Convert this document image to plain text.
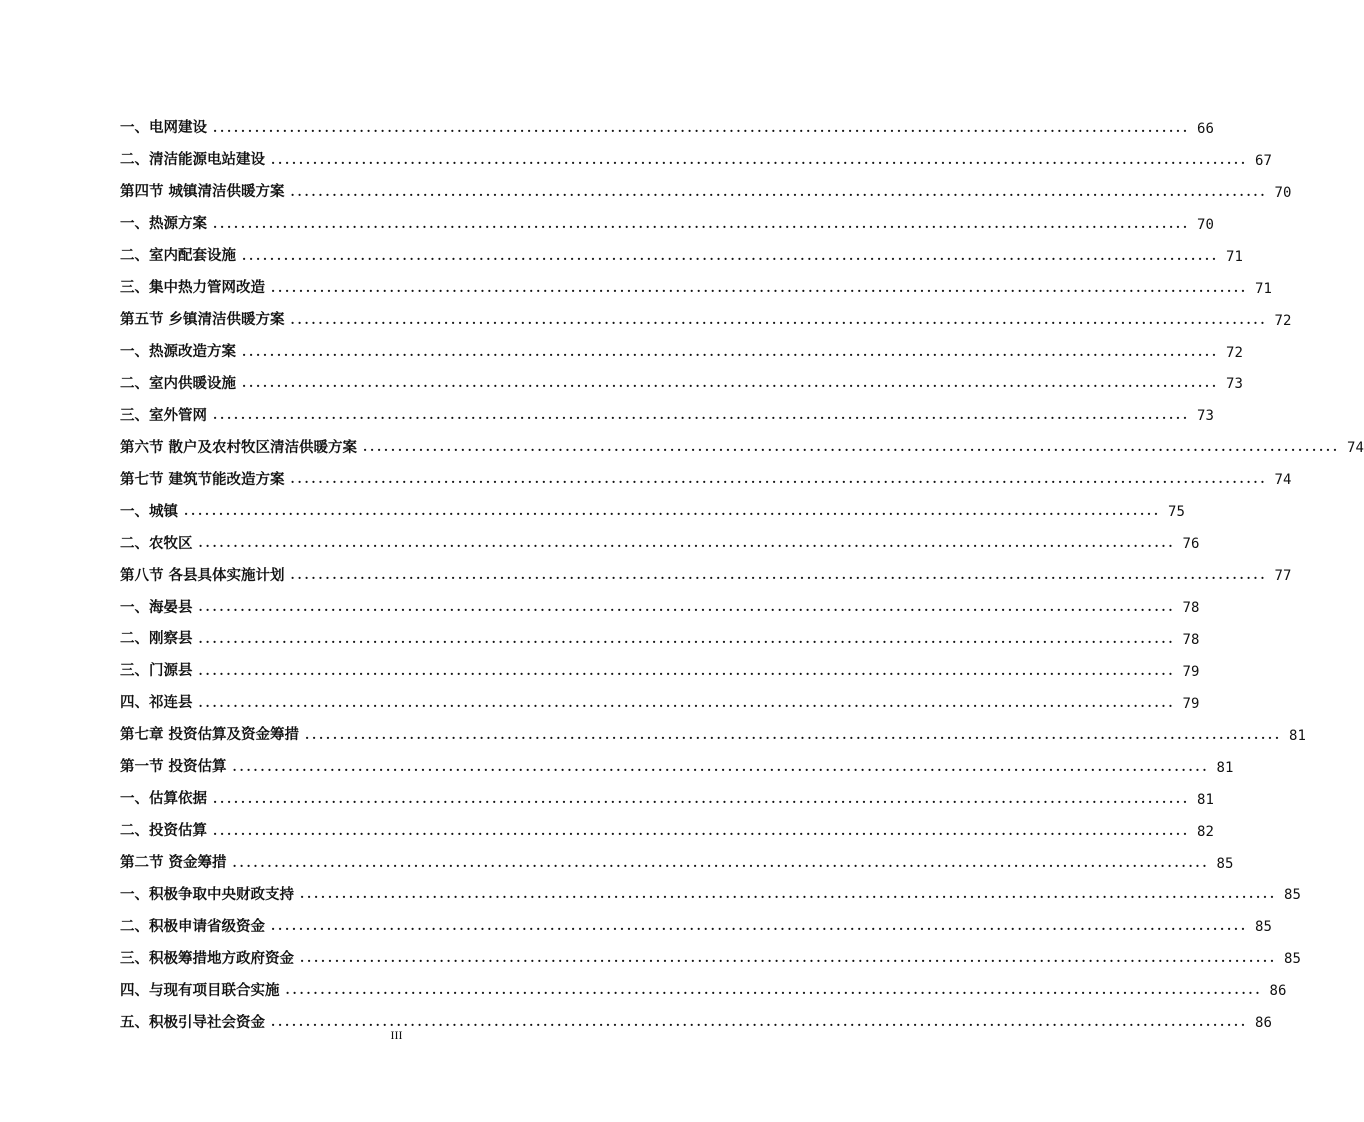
一、 电网建设 ............................................................................................................................................ 66
二、 清洁能源电站建设 ............................................................................................................................................ 67
第四节 城镇清洁供暖方案 ............................................................................................................................................ 70
一、 热源方案 ............................................................................................................................................ 70
二、 室内配套设施 ............................................................................................................................................ 71
三、 集中热力管网改造 ............................................................................................................................................ 71
第五节 乡镇清洁供暖方案 ............................................................................................................................................ 72
一、 热源改造方案 ............................................................................................................................................ 72
二、 室内供暖设施 ............................................................................................................................................ 73
三、 室外管网 ............................................................................................................................................ 73
第六节 散户及农村牧区清洁供暖方案 ............................................................................................................................................ 74
第七节 建筑节能改造方案 ............................................................................................................................................ 74
一、 城镇 ............................................................................................................................................ 75
二、 农牧区 ............................................................................................................................................ 76
第八节 各县具体实施计划 ............................................................................................................................................ 77
一、 海晏县 ............................................................................................................................................ 78
二、 刚察县 ............................................................................................................................................ 78
三、 门源县 ............................................................................................................................................ 79
四、 祁连县 ............................................................................................................................................ 79
第七章 投资估算及资金筹措 ............................................................................................................................................ 81
第一节 投资估算 ............................................................................................................................................ 81
一、 估算依据 ............................................................................................................................................ 81
二、 投资估算 ............................................................................................................................................ 82
第二节 资金筹措 ............................................................................................................................................ 85
一、 积极争取中央财政支持 ............................................................................................................................................ 85
二、 积极申请省级资金 ............................................................................................................................................ 85
三、 积极筹措地方政府资金 ............................................................................................................................................ 85
四、 与现有项目联合实施 ............................................................................................................................................ 86
五、 积极引导社会资金 ............................................................................................................................................ 86
III
